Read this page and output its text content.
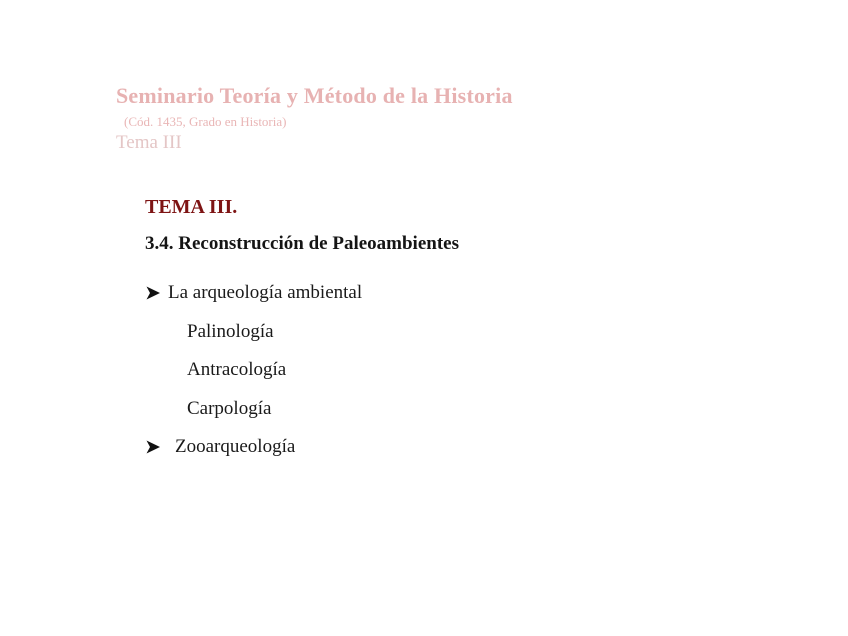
Seminario Teoría y Método de la Historia
(Cód. 1435, Grado en Historia)
Tema III
TEMA III.
3.4. Reconstrucción de Paleoambientes
La arqueología ambiental
Palinología
Antracología
Carpología
Zooarqueología
